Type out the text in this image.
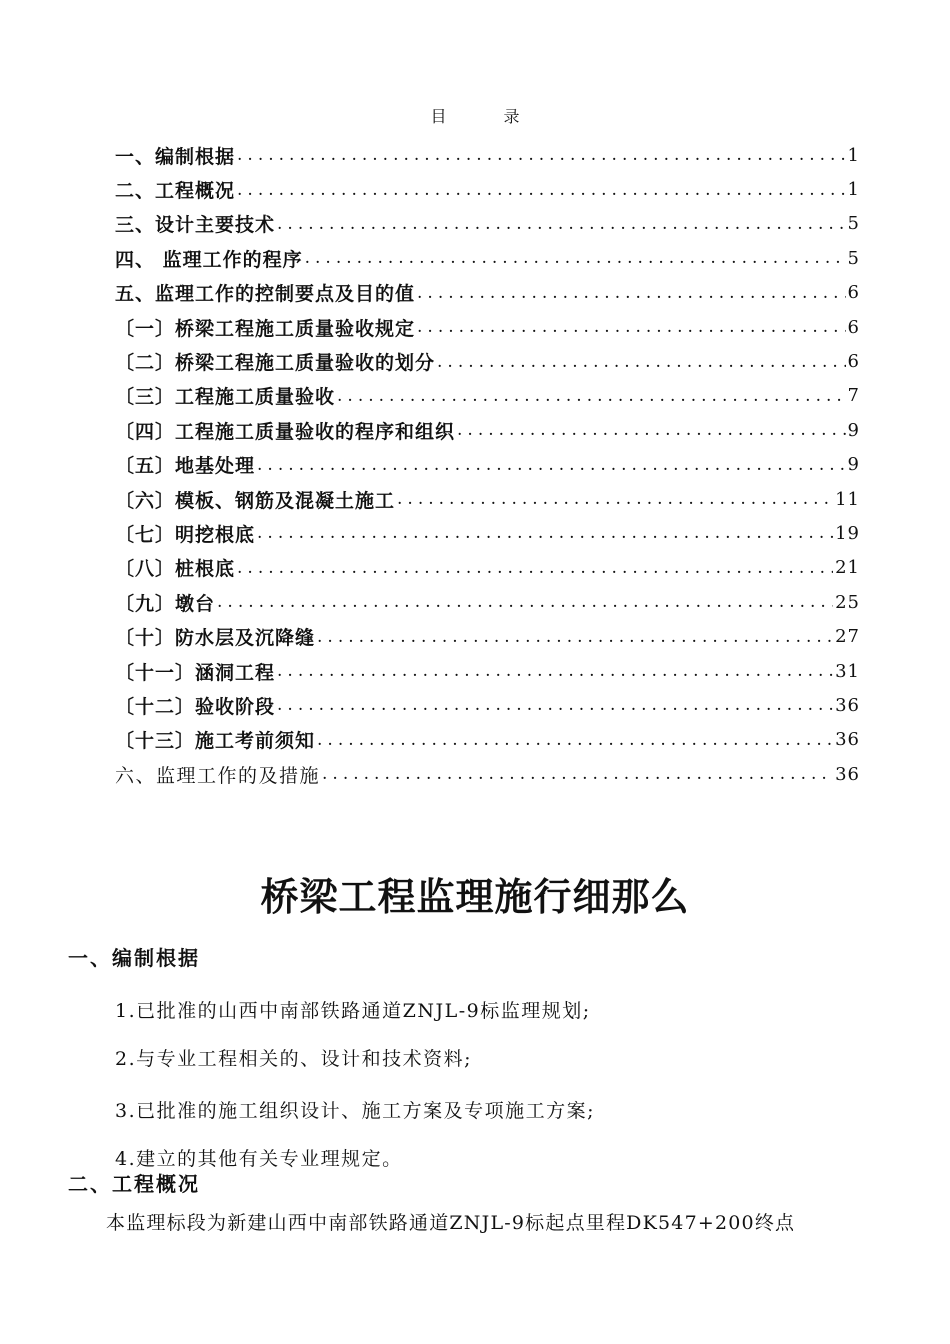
目 录
一、编制根据 .....	1
二、工程概况 .....	1
三、设计主要技术 .....	5
四、 监理工作的程序 .....	5
五、监理工作的控制要点及目的值 .....	6
〔一〕桥梁工程施工质量验收规定 .....	6
〔二〕桥梁工程施工质量验收的划分 .....	6
〔三〕工程施工质量验收 .....	7
〔四〕工程施工质量验收的程序和组织 .....	9
〔五〕地基处理 .....	9
〔六〕模板、钢筋及混凝土施工 .....	11
〔七〕明挖根底 .....	19
〔八〕桩根底 .....	21
〔九〕墩台 .....	25
〔十〕防水层及沉降缝 .....	27
〔十一〕涵洞工程 .....	31
〔十二〕验收阶段 .....	36
〔十三〕施工考前须知 .....	36
六、监理工作的及措施 .....	36
桥梁工程监理施行细那么
一、编制根据
1.已批准的山西中南部铁路通道ZNJL-9标监理规划;
2.与专业工程相关的、设计和技术资料;
3.已批准的施工组织设计、施工方案及专项施工方案;
4.建立的其他有关专业理规定。
二、工程概况
本监理标段为新建山西中南部铁路通道ZNJL-9标起点里程DK547+200终点
